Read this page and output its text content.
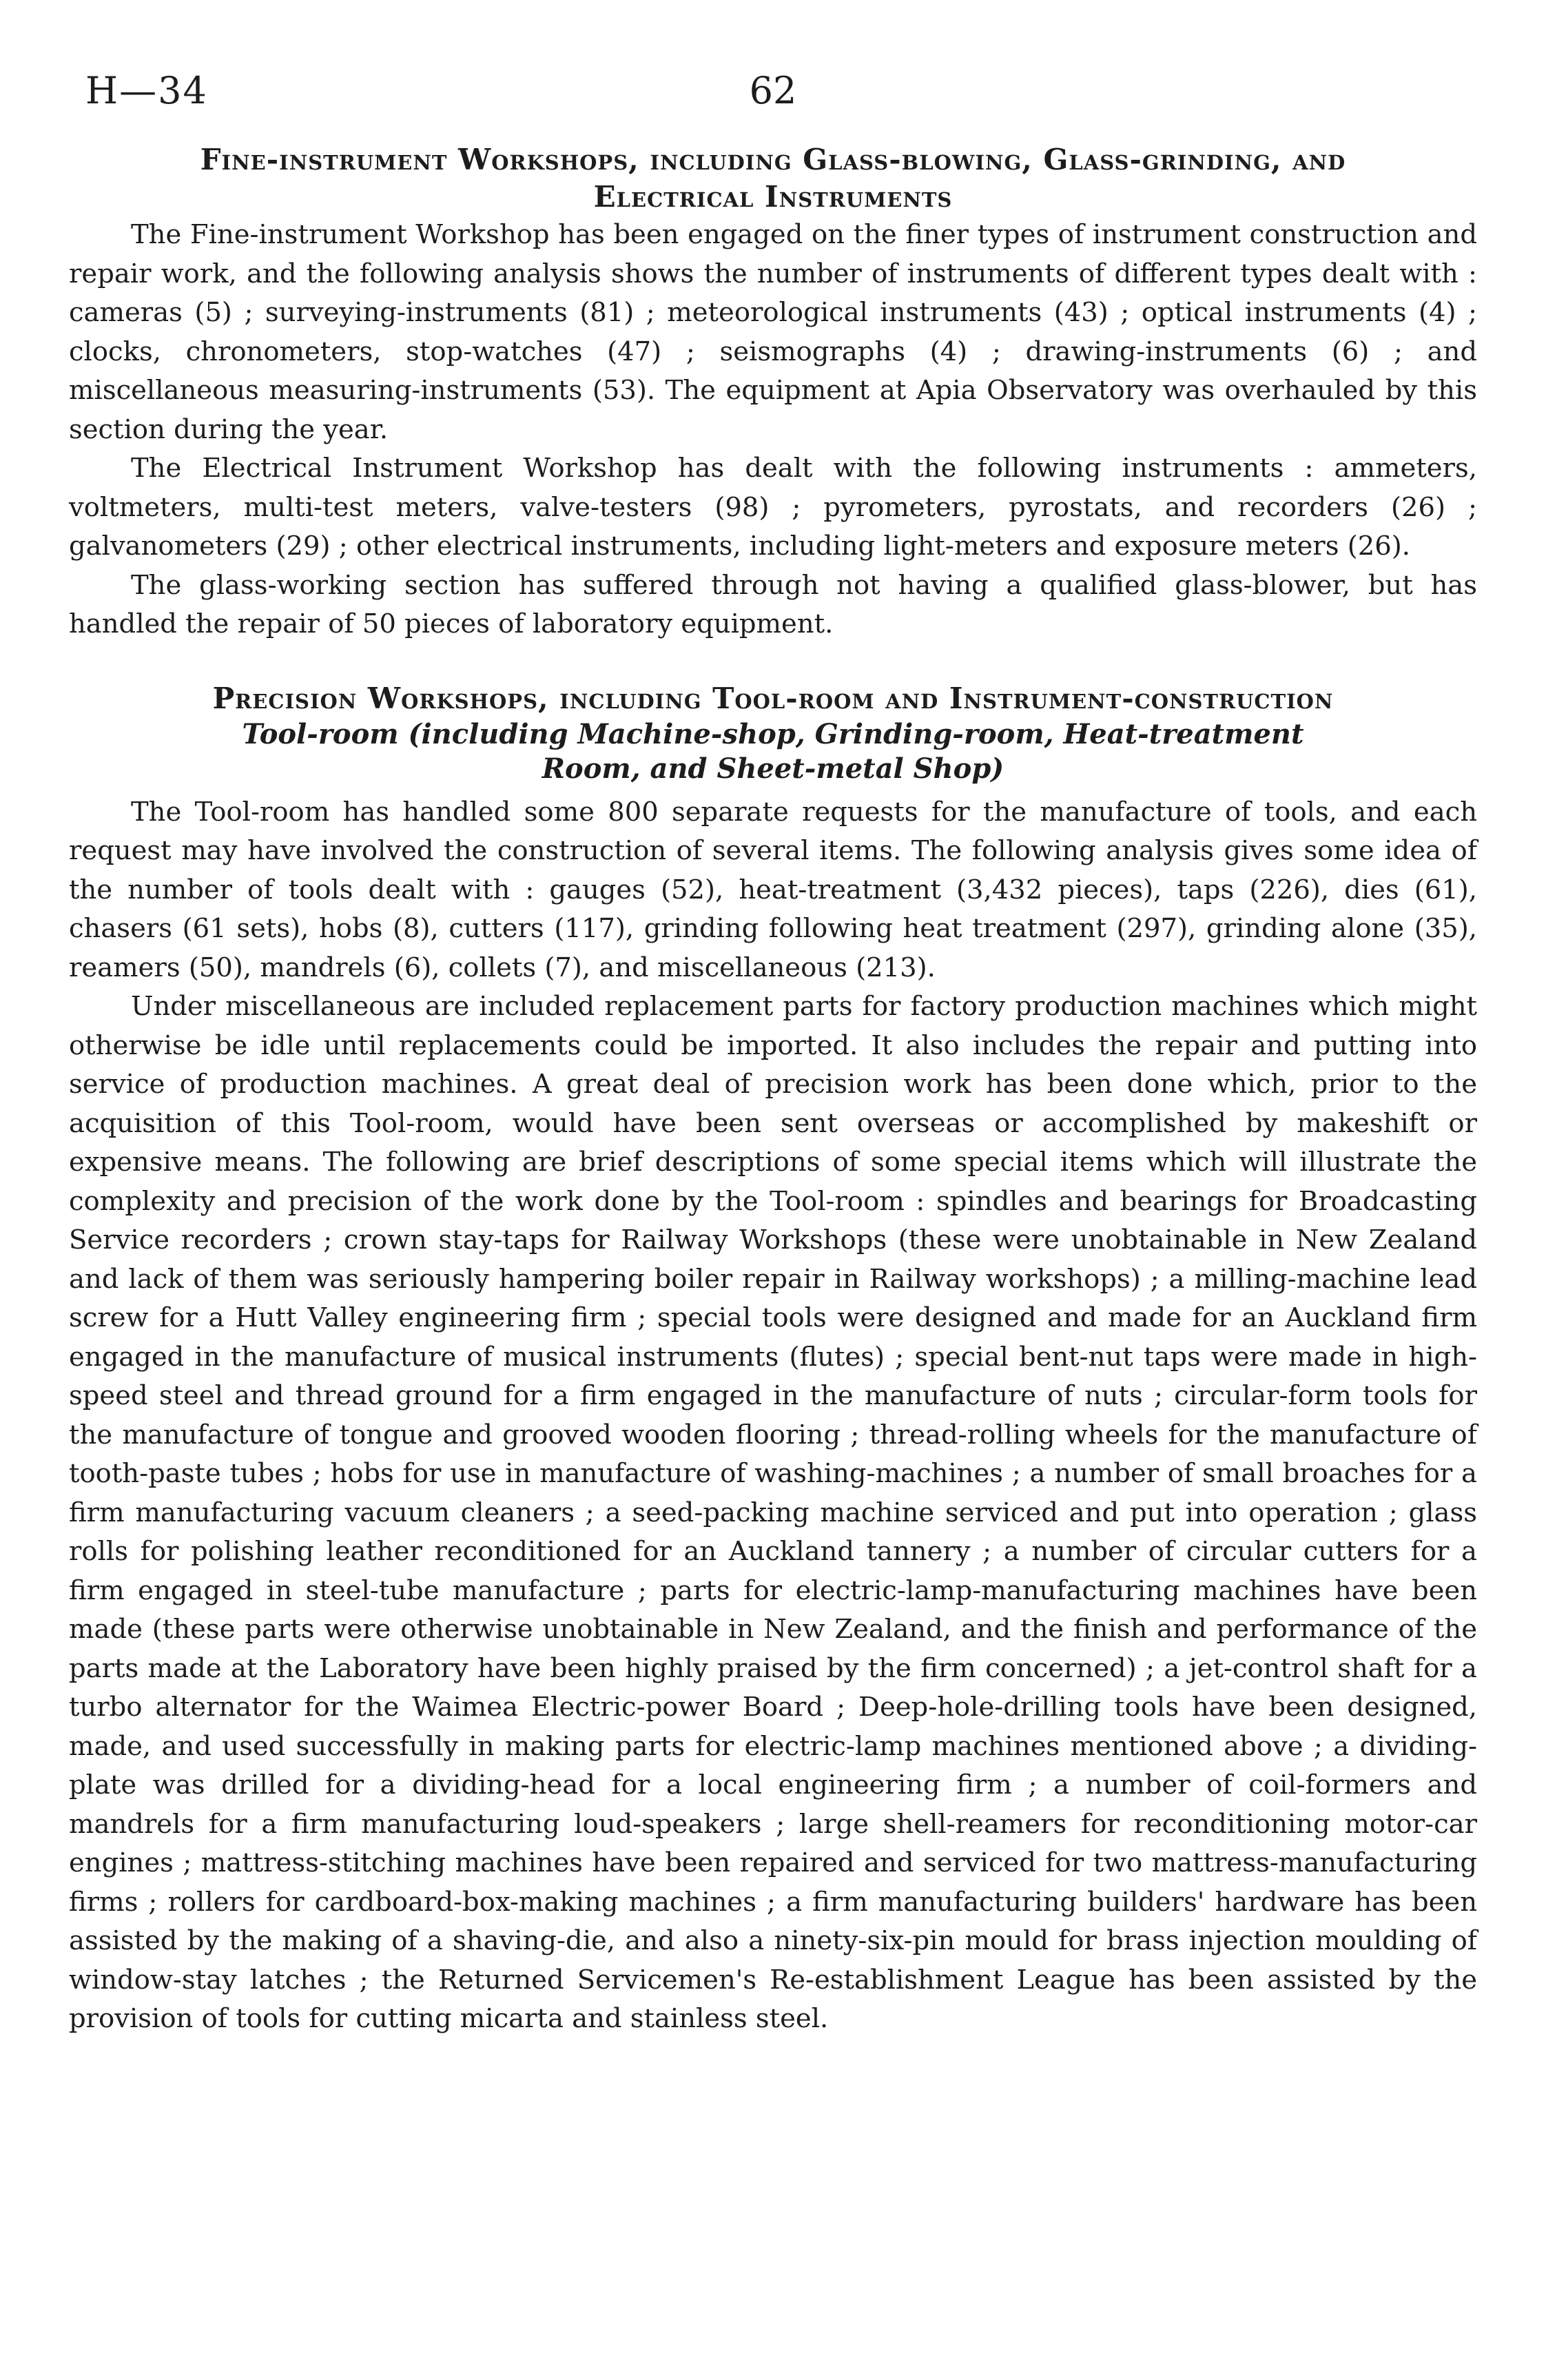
H—34	62
Fine-instrument Workshops, including Glass-blowing, Glass-grinding, and
Electrical Instruments

The Fine-instrument Workshop has been engaged on the finer types of instrument construction and repair work, and the following analysis shows the number of instruments of different types dealt with : cameras (5) ; surveying-instruments (81) ; meteorological instruments (43) ; optical instruments (4) ; clocks, chronometers, stop-watches (47) ; seismographs (4) ; drawing-instruments (6) ; and miscellaneous measuring-instruments (53). The equipment at Apia Observatory was overhauled by this section during the year.

The Electrical Instrument Workshop has dealt with the following instruments : ammeters, voltmeters, multi-test meters, valve-testers (98) ; pyrometers, pyrostats, and recorders (26) ; galvanometers (29) ; other electrical instruments, including light-meters and exposure meters (26).

The glass-working section has suffered through not having a qualified glass-blower, but has handled the repair of 50 pieces of laboratory equipment.

Precision Workshops, including Tool-room and Instrument-construction
Tool-room (including Machine-shop, Grinding-room, Heat-treatment
Room, and Sheet-metal Shop)

The Tool-room has handled some 800 separate requests for the manufacture of tools, and each request may have involved the construction of several items. The following analysis gives some idea of the number of tools dealt with : gauges (52), heat-treatment (3,432 pieces), taps (226), dies (61), chasers (61 sets), hobs (8), cutters (117), grinding following heat treatment (297), grinding alone (35), reamers (50), mandrels (6), collets (7), and miscellaneous (213).

Under miscellaneous are included replacement parts for factory production machines which might otherwise be idle until replacements could be imported. It also includes the repair and putting into service of production machines. A great deal of precision work has been done which, prior to the acquisition of this Tool-room, would have been sent overseas or accomplished by makeshift or expensive means. The following are brief descriptions of some special items which will illustrate the complexity and precision of the work done by the Tool-room : spindles and bearings for Broadcasting Service recorders ; crown stay-taps for Railway Workshops (these were unobtainable in New Zealand and lack of them was seriously hampering boiler repair in Railway workshops) ; a milling-machine lead screw for a Hutt Valley engineering firm ; special tools were designed and made for an Auckland firm engaged in the manufacture of musical instruments (flutes) ; special bent-nut taps were made in high-speed steel and thread ground for a firm engaged in the manufacture of nuts ; circular-form tools for the manufacture of tongue and grooved wooden flooring ; thread-rolling wheels for the manufacture of tooth-paste tubes ; hobs for use in manufacture of washing-machines ; a number of small broaches for a firm manufacturing vacuum cleaners ; a seed-packing machine serviced and put into operation ; glass rolls for polishing leather reconditioned for an Auckland tannery ; a number of circular cutters for a firm engaged in steel-tube manufacture ; parts for electric-lamp-manufacturing machines have been made (these parts were otherwise unobtainable in New Zealand, and the finish and performance of the parts made at the Laboratory have been highly praised by the firm concerned) ; a jet-control shaft for a turbo alternator for the Waimea Electric-power Board ; Deep-hole-drilling tools have been designed, made, and used successfully in making parts for electric-lamp machines mentioned above ; a dividing-plate was drilled for a dividing-head for a local engineering firm ; a number of coil-formers and mandrels for a firm manufacturing loud-speakers ; large shell-reamers for reconditioning motor-car engines ; mattress-stitching machines have been repaired and serviced for two mattress-manufacturing firms ; rollers for cardboard-box-making machines ; a firm manufacturing builders' hardware has been assisted by the making of a shaving-die, and also a ninety-six-pin mould for brass injection moulding of window-stay latches ; the Returned Servicemen's Re-establishment League has been assisted by the provision of tools for cutting micarta and stainless steel.
